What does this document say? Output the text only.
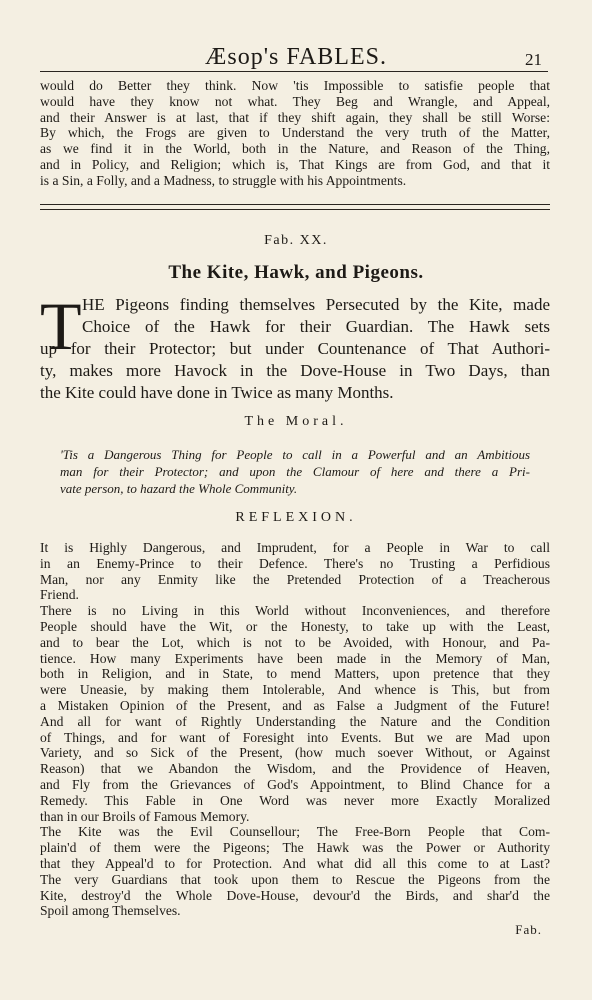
Æsop's FABLES.	21
would do Better they think. Now 'tis Impossible to satisfie people that
would have they know not what. They Beg and Wrangle, and Appeal,
and their Answer is at last, that if they shift again, they shall be still Worse:
By which, the Frogs are given to Understand the very truth of the Matter,
as we find it in the World, both in the Nature, and Reason of the Thing,
and in Policy, and Religion; which is, That Kings are from God, and that it
is a Sin, a Folly, and a Madness, to struggle with his Appointments.
Fab. XX.
The Kite, Hawk, and Pigeons.
T HE Pigeons finding themselves Persecuted by the Kite, made
Choice of the Hawk for their Guardian. The Hawk sets
up for their Protector; but under Countenance of That Authori-
ty, makes more Havock in the Dove-House in Two Days, than
the Kite could have done in Twice as many Months.
The Moral.
'Tis a Dangerous Thing for People to call in a Powerful and an Ambitious
man for their Protector; and upon the Clamour of here and there a Pri-
vate person, to hazard the Whole Community.
REFLEXION.
It is Highly Dangerous, and Imprudent, for a People in War to call
in an Enemy-Prince to their Defence. There's no Trusting a Perfidious
Man, nor any Enmity like the Pretended Protection of a Treacherous
Friend.
There is no Living in this World without Inconveniences, and therefore
People should have the Wit, or the Honesty, to take up with the Least,
and to bear the Lot, which is not to be Avoided, with Honour, and Pa-
tience. How many Experiments have been made in the Memory of Man,
both in Religion, and in State, to mend Matters, upon pretence that they
were Uneasie, by making them Intolerable, And whence is This, but from
a Mistaken Opinion of the Present, and as False a Judgment of the Future!
And all for want of Rightly Understanding the Nature and the Condition
of Things, and for want of Foresight into Events. But we are Mad upon
Variety, and so Sick of the Present, (how much soever Without, or Against
Reason) that we Abandon the Wisdom, and the Providence of Heaven,
and Fly from the Grievances of God's Appointment, to Blind Chance for a
Remedy. This Fable in One Word was never more Exactly Moralized
than in our Broils of Famous Memory.
The Kite was the Evil Counsellour; The Free-Born People that Com-
plain'd of them were the Pigeons; The Hawk was the Power or Authority
that they Appeal'd to for Protection. And what did all this come to at Last?
The very Guardians that took upon them to Rescue the Pigeons from the
Kite, destroy'd the Whole Dove-House, devour'd the Birds, and shar'd the
Spoil among Themselves.
Fab.
